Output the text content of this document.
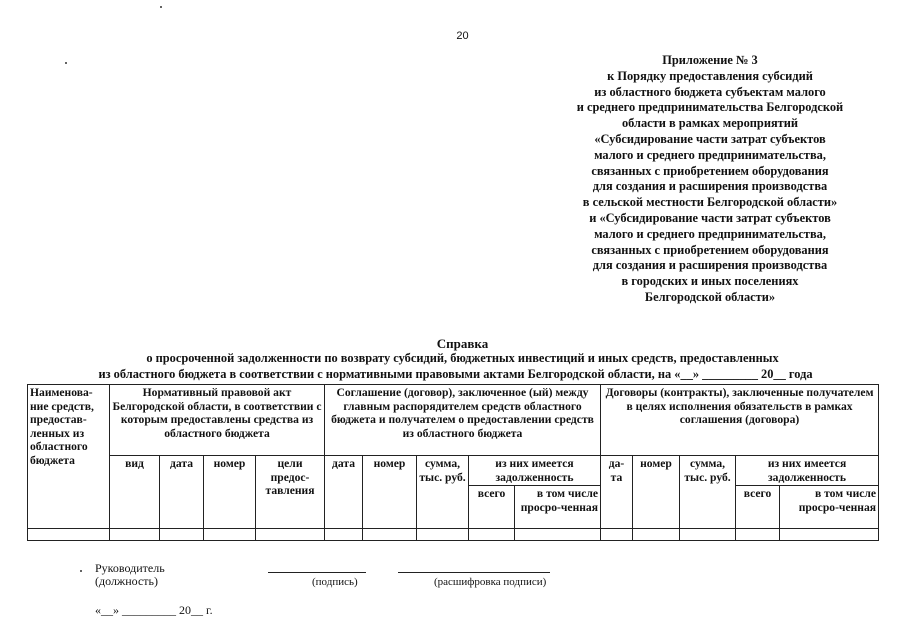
20
Приложение № 3
к Порядку предоставления субсидий
из областного бюджета субъектам малого
и среднего предпринимательства Белгородской
области в рамках мероприятий
«Субсидирование части затрат субъектов
малого и среднего предпринимательства,
связанных с приобретением оборудования
для создания и расширения производства
в сельской местности Белгородской области»
и «Субсидирование части затрат субъектов
малого и среднего предпринимательства,
связанных с приобретением оборудования
для создания и расширения производства
в городских и иных поселениях
Белгородской области»
Справка
о просроченной задолженности по возврату субсидий, бюджетных инвестиций и иных средств, предоставленных
из областного бюджета в соответствии с нормативными правовыми актами Белгородской области, на «__» _________ 20__ года
Наименова-ние средств, предостав-ленных из областного бюджета	Нормативный правовой акт Белгородской области, в соответствии с которым предоставлены средства из областного бюджета				Соглашение (договор), заключенное (ый) между главным распорядителем средств областного бюджета и получателем о предоставлении средств из областного бюджета					Договоры (контракты), заключенные получателем в целях исполнения обязательств в рамках соглашения (договора)				
	вид	дата	номер	цели предос-тавления	дата	номер	сумма, тыс. руб.	из них имеется задолженность		да-та	номер	сумма, тыс. руб.	из них имеется задолженность	
								всего	в том числе просро-ченная				всего	в том числе просро-ченная

Руководитель
(должность)	(подпись)	(расшифровка подписи)
«__» _________ 20__ г.
